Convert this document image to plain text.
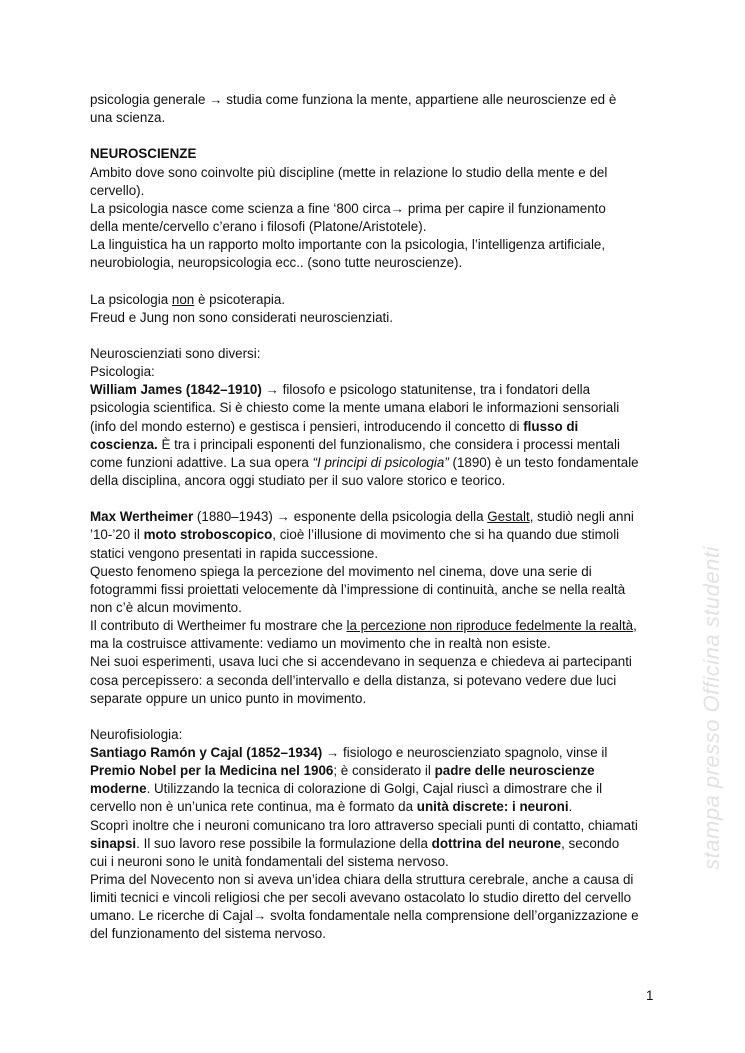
psicologia generale → studia come funziona la mente, appartiene alle neuroscienze ed è
una scienza.
NEUROSCIENZE
Ambito dove sono coinvolte più discipline (mette in relazione lo studio della mente e del
cervello).
La psicologia nasce come scienza a fine ‘800 circa→ prima per capire il funzionamento
della mente/cervello c’erano i filosofi (Platone/Aristotele).
La linguistica ha un rapporto molto importante con la psicologia, l’intelligenza artificiale,
neurobiologia, neuropsicologia ecc.. (sono tutte neuroscienze).
La psicologia non è psicoterapia.
Freud e Jung non sono considerati neuroscienziati.
Neuroscienziati sono diversi:
Psicologia:
William James (1842–1910) → filosofo e psicologo statunitense, tra i fondatori della
psicologia scientifica. Si è chiesto come la mente umana elabori le informazioni sensoriali
(info del mondo esterno) e gestisca i pensieri, introducendo il concetto di flusso di
coscienza. È tra i principali esponenti del funzionalismo, che considera i processi mentali
come funzioni adattive. La sua opera “I principi di psicologia” (1890) è un testo fondamentale
della disciplina, ancora oggi studiato per il suo valore storico e teorico.
Max Wertheimer (1880–1943) → esponente della psicologia della Gestalt, studiò negli anni
’10-’20 il moto stroboscopico, cioè l’illusione di movimento che si ha quando due stimoli
statici vengono presentati in rapida successione.
Questo fenomeno spiega la percezione del movimento nel cinema, dove una serie di
fotogrammi fissi proiettati velocemente dà l’impressione di continuità, anche se nella realtà
non c’è alcun movimento.
Il contributo di Wertheimer fu mostrare che la percezione non riproduce fedelmente la realtà,
ma la costruisce attivamente: vediamo un movimento che in realtà non esiste.
Nei suoi esperimenti, usava luci che si accendevano in sequenza e chiedeva ai partecipanti
cosa percepissero: a seconda dell’intervallo e della distanza, si potevano vedere due luci
separate oppure un unico punto in movimento.
Neurofisiologia:
Santiago Ramón y Cajal (1852–1934) → fisiologo e neuroscienziato spagnolo, vinse il
Premio Nobel per la Medicina nel 1906; è considerato il padre delle neuroscienze
moderne. Utilizzando la tecnica di colorazione di Golgi, Cajal riuscì a dimostrare che il
cervello non è un’unica rete continua, ma è formato da unità discrete: i neuroni.
Scoprì inoltre che i neuroni comunicano tra loro attraverso speciali punti di contatto, chiamati
sinapsi. Il suo lavoro rese possibile la formulazione della dottrina del neurone, secondo
cui i neuroni sono le unità fondamentali del sistema nervoso.
Prima del Novecento non si aveva un’idea chiara della struttura cerebrale, anche a causa di
limiti tecnici e vincoli religiosi che per secoli avevano ostacolato lo studio diretto del cervello
umano. Le ricerche di Cajal→ svolta fondamentale nella comprensione dell’organizzazione e
del funzionamento del sistema nervoso.
stampa presso Officina studenti
1
